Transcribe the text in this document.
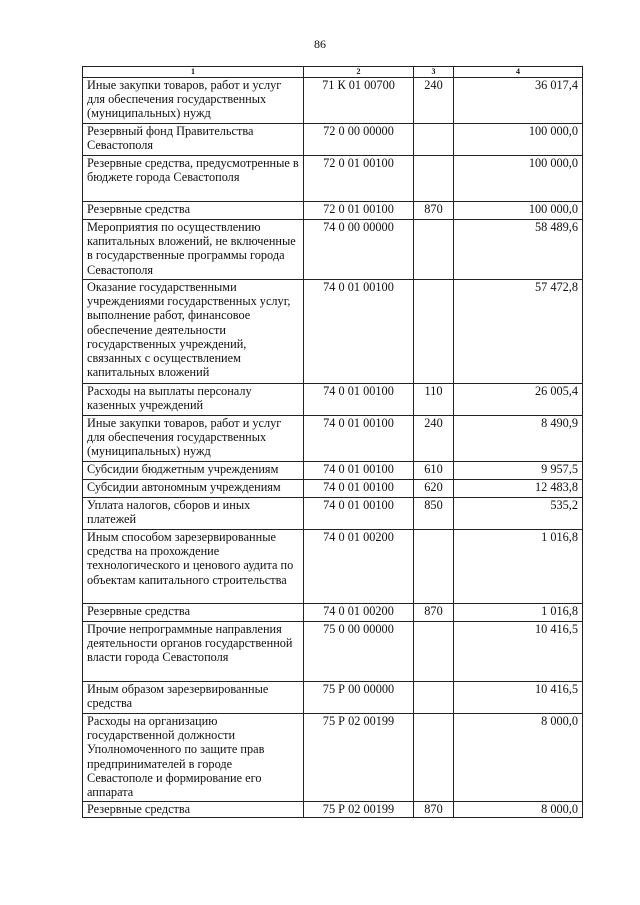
86
1	2	3	4
Иные закупки товаров, работ и услуг для обеспечения государственных (муниципальных) нужд	71 К 01 00700	240	36 017,4
Резервный фонд Правительства Севастополя	72 0 00 00000		100 000,0
Резервные средства, предусмотренные в бюджете города Севастополя	72 0 01 00100		100 000,0
Резервные средства	72 0 01 00100	870	100 000,0
Мероприятия по осуществлению капитальных вложений, не включенные в государственные программы города Севастополя	74 0 00 00000		58 489,6
Оказание государственными учреждениями государственных услуг, выполнение работ, финансовое обеспечение деятельности государственных учреждений, связанных с осуществлением капитальных вложений	74 0 01 00100		57 472,8
Расходы на выплаты персоналу казенных учреждений	74 0 01 00100	110	26 005,4
Иные закупки товаров, работ и услуг для обеспечения государственных (муниципальных) нужд	74 0 01 00100	240	8 490,9
Субсидии бюджетным учреждениям	74 0 01 00100	610	9 957,5
Субсидии автономным учреждениям	74 0 01 00100	620	12 483,8
Уплата налогов, сборов и иных платежей	74 0 01 00100	850	535,2
Иным способом зарезервированные средства на прохождение технологического и ценового аудита по объектам капитального строительства	74 0 01 00200		1 016,8
Резервные средства	74 0 01 00200	870	1 016,8
Прочие непрограммные направления деятельности органов государственной власти города Севастополя	75 0 00 00000		10 416,5
Иным образом зарезервированные средства	75 Р 00 00000		10 416,5
Расходы на организацию государственной должности Уполномоченного по защите прав предпринимателей в городе Севастополе и формирование его аппарата	75 Р 02 00199		8 000,0
Резервные средства	75 Р 02 00199	870	8 000,0
